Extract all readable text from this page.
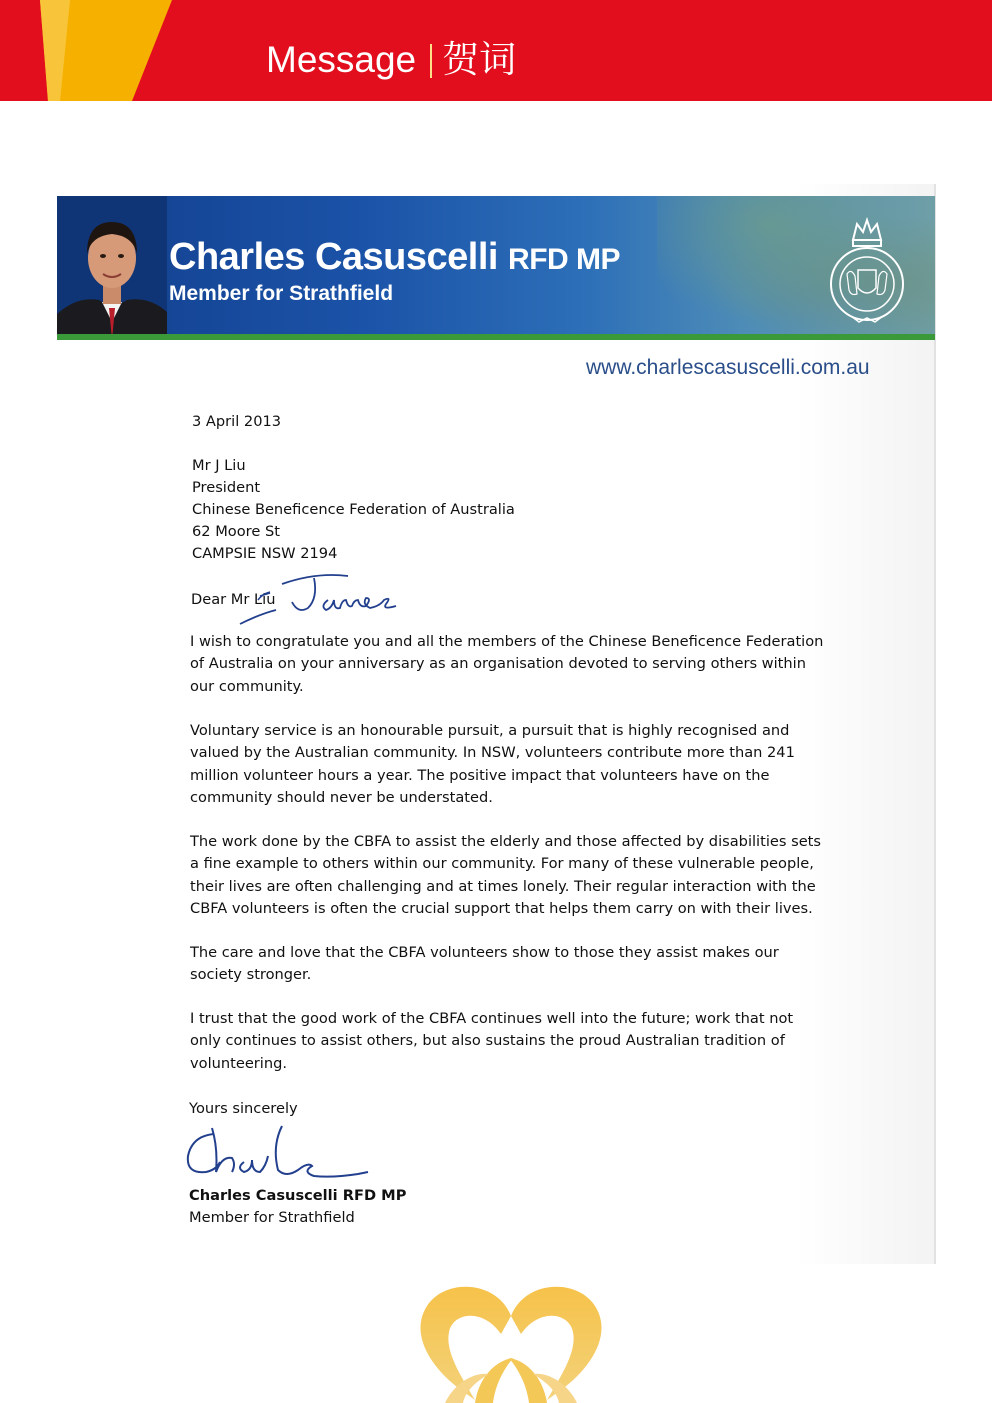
Message 贺词
Charles Casuscelli RFD MP
Member for Strathfield
www.charlescasuscelli.com.au
3 April 2013
Mr J Liu
President
Chinese Beneficence Federation of Australia
62 Moore St
CAMPSIE NSW 2194
Dear Mr Liu
I wish to congratulate you and all the members of the Chinese Beneficence Federation
of Australia on your anniversary as an organisation devoted to serving others within
our community.
Voluntary service is an honourable pursuit, a pursuit that is highly recognised and
valued by the Australian community. In NSW, volunteers contribute more than 241
million volunteer hours a year. The positive impact that volunteers have on the
community should never be understated.
The work done by the CBFA to assist the elderly and those affected by disabilities sets
a fine example to others within our community. For many of these vulnerable people,
their lives are often challenging and at times lonely. Their regular interaction with the
CBFA volunteers is often the crucial support that helps them carry on with their lives.
The care and love that the CBFA volunteers show to those they assist makes our
society stronger.
I trust that the good work of the CBFA continues well into the future; work that not
only continues to assist others, but also sustains the proud Australian tradition of
volunteering.
Yours sincerely
Charles Casuscelli RFD MP
Member for Strathfield
